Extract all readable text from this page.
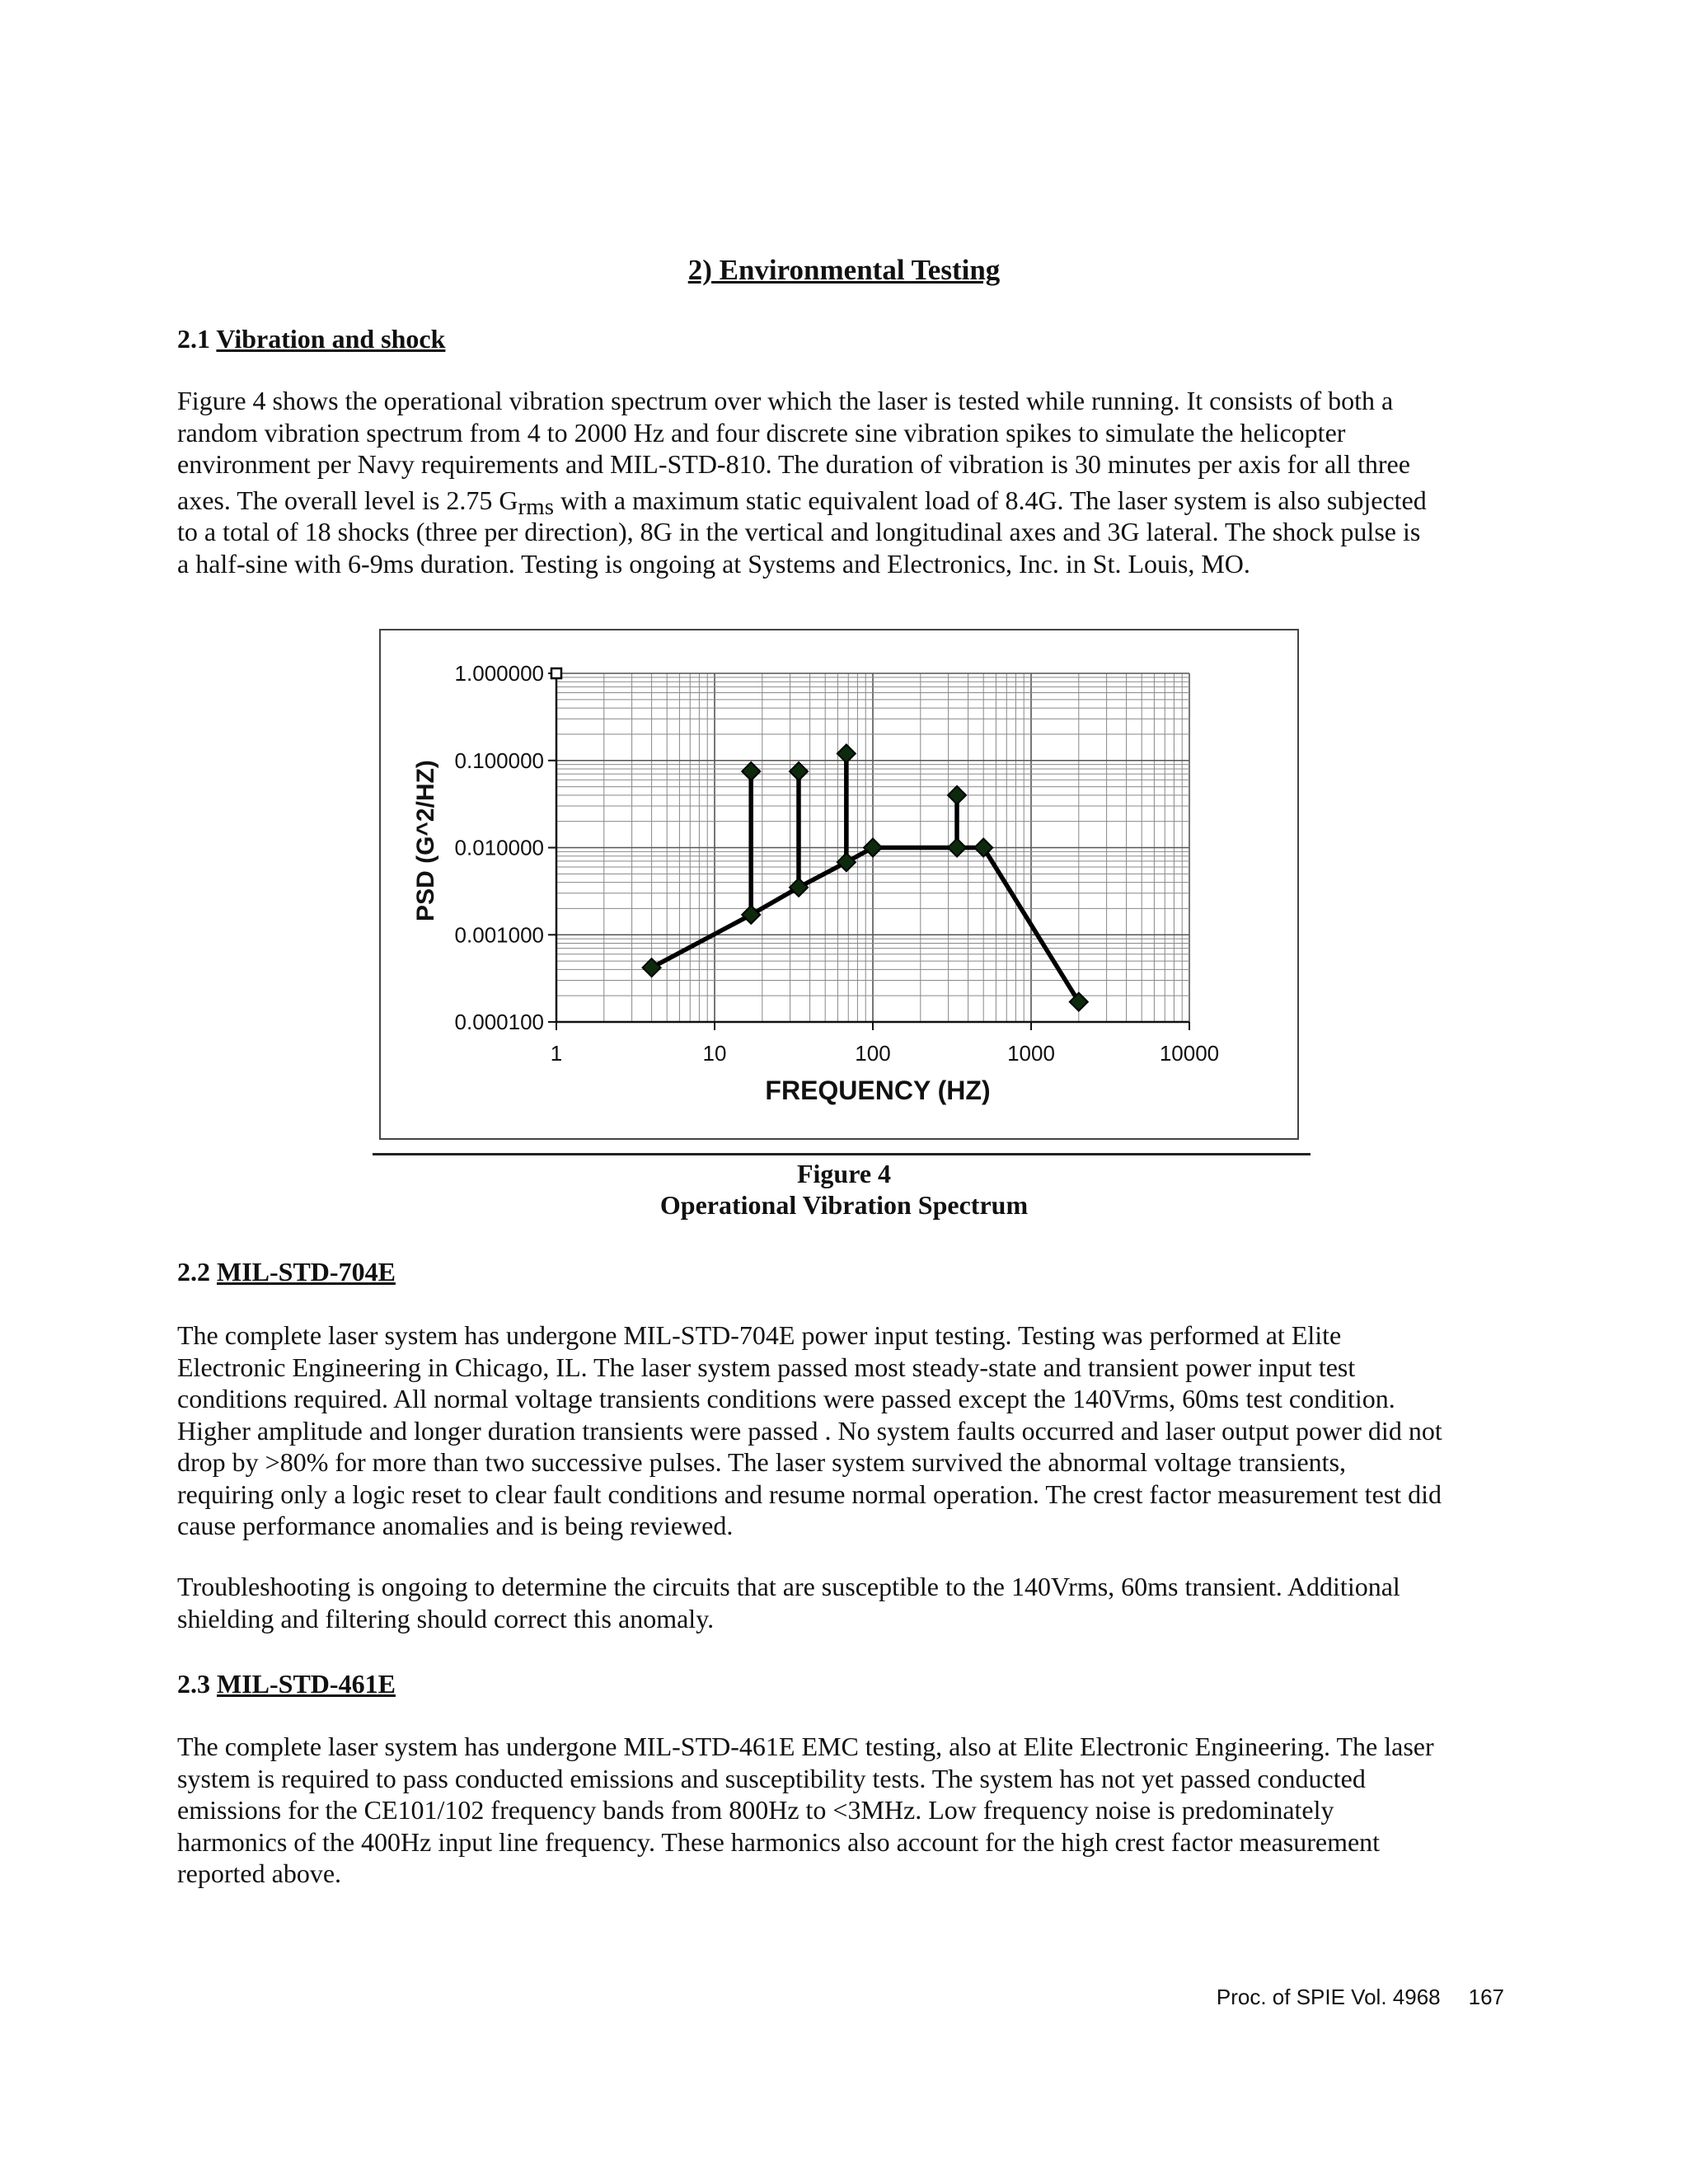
2) Environmental Testing
2.1 Vibration and shock

Figure 4 shows the operational vibration spectrum over which the laser is tested while running. It consists of both a

random vibration spectrum from 4 to 2000 Hz and four discrete sine vibration spikes to simulate the helicopter

environment per Navy requirements and MIL-STD-810. The duration of vibration is 30 minutes per axis for all three

axes. The overall level is 2.75 $G_{rms}$ with a maximum static equivalent load of 8.4G. The laser system is also subjected

to a total of 18 shocks (three per direction), 8G in the vertical and longitudinal axes and 3G lateral. The shock pulse is

a half-sine with 6-9ms duration. Testing is ongoing at Systems and Electronics, Inc. in St. Louis, MO.

0.000100
0.001000
0.010000
0.100000
1.000000
1	10	100	1000	10000
PSD (G^2/HZ)
FREQUENCY (HZ)
Figure 4
Operational Vibration Spectrum
2.2 MIL-STD-704E

The complete laser system has undergone MIL-STD-704E power input testing. Testing was performed at Elite

Electronic Engineering in Chicago, IL. The laser system passed most steady-state and transient power input test

conditions required. All normal voltage transients conditions were passed except the 140Vrms, 60ms test condition.

Higher amplitude and longer duration transients were passed . No system faults occurred and laser output power did not

drop by >80% for more than two successive pulses. The laser system survived the abnormal voltage transients,

requiring only a logic reset to clear fault conditions and resume normal operation. The crest factor measurement test did

cause performance anomalies and is being reviewed.

Troubleshooting is ongoing to determine the circuits that are susceptible to the 140Vrms, 60ms transient. Additional

shielding and filtering should correct this anomaly.

2.3 MIL-STD-461E

The complete laser system has undergone MIL-STD-461E EMC testing, also at Elite Electronic Engineering. The laser

system is required to pass conducted emissions and susceptibility tests. The system has not yet passed conducted

emissions for the CE101/102 frequency bands from 800Hz to <3MHz. Low frequency noise is predominately

harmonics of the 400Hz input line frequency. These harmonics also account for the high crest factor measurement

reported above.

Proc. of SPIE Vol. 4968 167
